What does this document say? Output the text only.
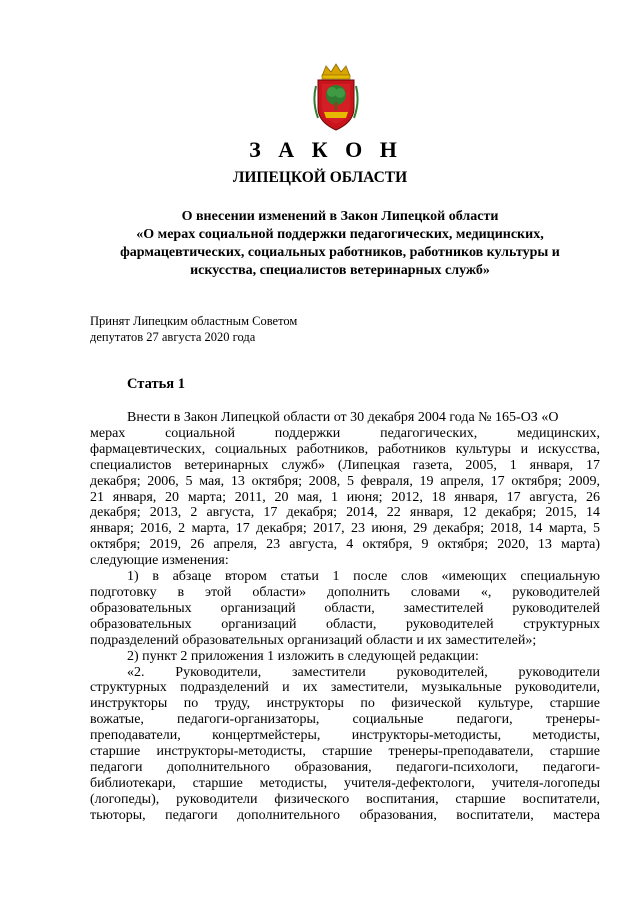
З А К О Н
ЛИПЕЦКОЙ ОБЛАСТИ
О внесении изменений в Закон Липецкой области
«О мерах социальной поддержки педагогических, медицинских,
фармацевтических, социальных работников, работников культуры и
искусства, специалистов ветеринарных служб»
Принят Липецким областным Советом
депутатов 27 августа 2020 года
Статья 1
Внести в Закон Липецкой области от 30 декабря 2004 года № 165-ОЗ «О
мерах социальной поддержки педагогических, медицинских,
фармацевтических, социальных работников, работников культуры и искусства,
специалистов ветеринарных служб» (Липецкая газета, 2005, 1 января, 17
декабря; 2006, 5 мая, 13 октября; 2008, 5 февраля, 19 апреля, 17 октября; 2009,
21 января, 20 марта; 2011, 20 мая, 1 июня; 2012, 18 января, 17 августа, 26
декабря; 2013, 2 августа, 17 декабря; 2014, 22 января, 12 декабря; 2015, 14
января; 2016, 2 марта, 17 декабря; 2017, 23 июня, 29 декабря; 2018, 14 марта, 5
октября; 2019, 26 апреля, 23 августа, 4 октября, 9 октября; 2020, 13 марта)
следующие изменения:
1) в абзаце втором статьи 1 после слов «имеющих специальную
подготовку в этой области» дополнить словами «, руководителей
образовательных организаций области, заместителей руководителей
образовательных организаций области, руководителей структурных
подразделений образовательных организаций области и их заместителей»;
2) пункт 2 приложения 1 изложить в следующей редакции:
«2. Руководители, заместители руководителей, руководители
структурных подразделений и их заместители, музыкальные руководители,
инструкторы по труду, инструкторы по физической культуре, старшие
вожатые, педагоги-организаторы, социальные педагоги, тренеры-
преподаватели, концертмейстеры, инструкторы-методисты, методисты,
старшие инструкторы-методисты, старшие тренеры-преподаватели, старшие
педагоги дополнительного образования, педагоги-психологи, педагоги-
библиотекари, старшие методисты, учителя-дефектологи, учителя-логопеды
(логопеды), руководители физического воспитания, старшие воспитатели,
тьюторы, педагоги дополнительного образования, воспитатели, мастера
